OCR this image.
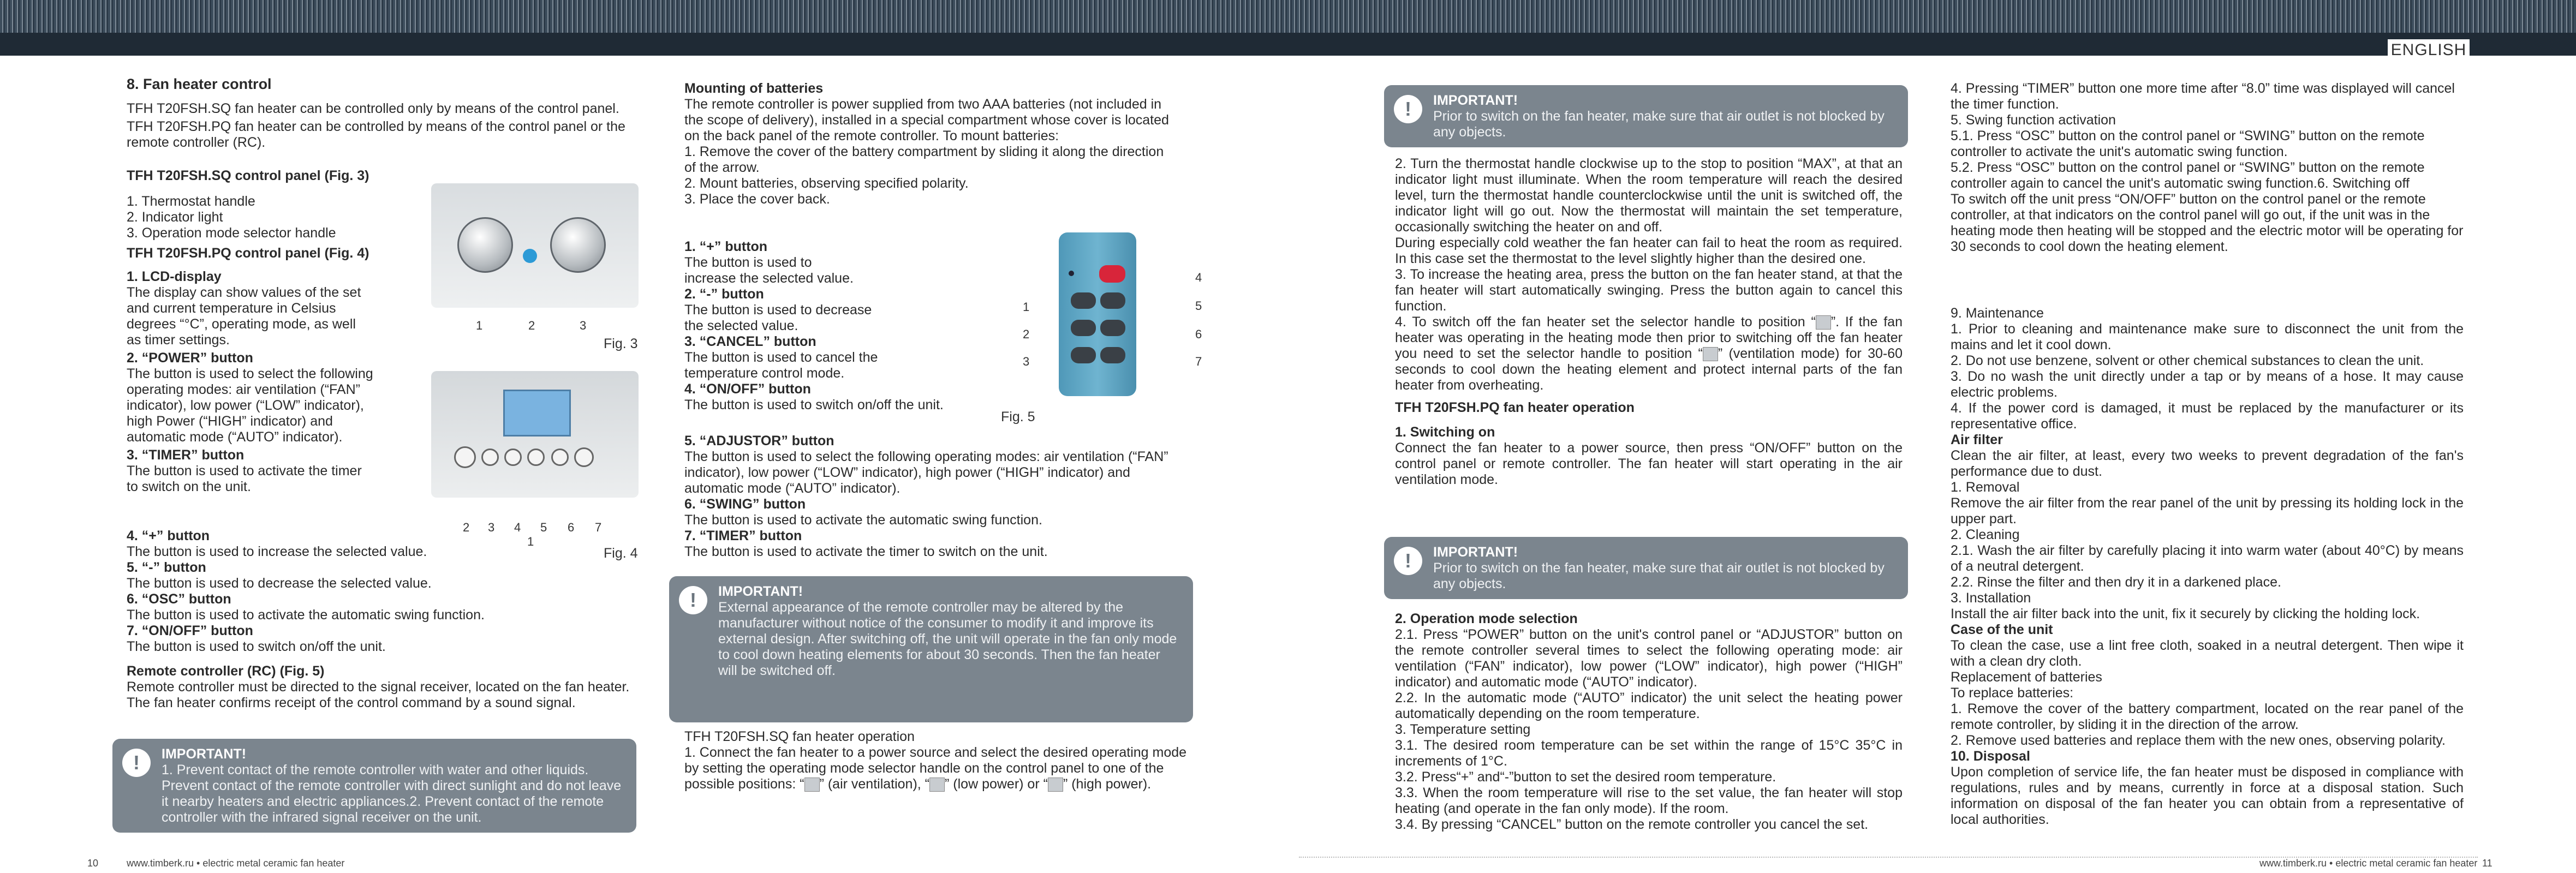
ENGLISH

8. Fan heater control

TFH T20FSH.SQ fan heater can be controlled only by means of the control panel.

TFH T20FSH.PQ fan heater can be controlled by means of the control panel or the remote controller (RC).

TFH T20FSH.SQ control panel (Fig. 3)

1. Thermostat handle

2. Indicator light

3. Operation mode selector handle

TFH T20FSH.PQ control panel (Fig. 4)

1. LCD-display

The display can show values of the set and current temperature in Celsius degrees “°C”, operating mode, as well as timer settings.

2. “POWER” button

The button is used to select the following operating modes: air ventilation (“FAN” indicator), low power (“LOW” indicator), high Power (“HIGH” indicator) and automatic mode (“AUTO” indicator).

3. “TIMER” button

The button is used to activate the timer to switch on the unit.

4. “+” button

The button is used to increase the selected value.

5. “-” button

The button is used to decrease the selected value.

6. “OSC” button

The button is used to activate the automatic swing function.

7. “ON/OFF” button

The button is used to switch on/off the unit.

Remote controller (RC) (Fig. 5)

Remote controller must be directed to the signal receiver, located on the fan heater. The fan heater confirms receipt of the control command by a sound signal.

1	2	3
Fig. 3
2 3 4 5 6 7
1
Fig. 4
!	IMPORTANT!
1. Prevent contact of the remote controller with water and other liquids. Prevent contact of the remote controller with direct sunlight and do not leave it nearby heaters and electric appliances.2. Prevent contact of the remote controller with the infrared signal receiver on the unit.

Mounting of batteries

The remote controller is power supplied from two AAA batteries (not included in the scope of delivery), installed in a special compartment whose cover is located on the back panel of the remote controller. To mount batteries:

1. Remove the cover of the battery compartment by sliding it along the direction of the arrow.

2. Mount batteries, observing specified polarity.

3. Place the cover back.

1. “+” button

The button is used to increase the selected value.

2. “-” button

The button is used to decrease the selected value.

3. “CANCEL” button

The button is used to cancel the temperature control mode.

4. “ON/OFF” button

The button is used to switch on/off the unit.

5. “ADJUSTOR” button

The button is used to select the following operating modes: air ventilation (“FAN” indicator), low power (“LOW” indicator), high power (“HIGH” indicator) and automatic mode (“AUTO” indicator).

6. “SWING” button

The button is used to activate the automatic swing function.

7. “TIMER” button

The button is used to activate the timer to switch on the unit.

1
2
3
4
5
6
7
Fig. 5
!	IMPORTANT!
External appearance of the remote controller may be altered by the manufacturer without notice of the consumer to modify it and improve its external design. After switching off, the unit will operate in the fan only mode to cool down heating elements for about 30 seconds. Then the fan heater will be switched off.

TFH T20FSH.SQ fan heater operation

1. Connect the fan heater to a power source and select the desired operating mode by setting the operating mode selector handle on the control panel to one of the possible positions: “ ” (air ventilation), “ ” (low power) or “ ” (high power).

!	IMPORTANT!
Prior to switch on the fan heater, make sure that air outlet is not blocked by any objects.

2. Turn the thermostat handle clockwise up to the stop to position “MAX”, at that an indicator light must illuminate. When the room temperature will reach the desired level, turn the thermostat handle counterclockwise until the unit is switched off, the indicator light will go out. Now the thermostat will maintain the set temperature, occasionally switching the heater on and off.

During especially cold weather the fan heater can fail to heat the room as required. In this case set the thermostat to the level slightly higher than the desired one.

3. To increase the heating area, press the button on the fan heater stand, at that the fan heater will start automatically swinging. Press the button again to cancel this function.

4. To switch off the fan heater set the selector handle to position “ ”. If the fan heater was operating in the heating mode then prior to switching off the fan heater you need to set the selector handle to position “ ” (ventilation mode) for 30-60 seconds to cool down the heating element and protect internal parts of the fan heater from overheating.

TFH T20FSH.PQ fan heater operation

1. Switching on

Connect the fan heater to a power source, then press “ON/OFF” button on the control panel or remote controller. The fan heater will start operating in the air ventilation mode.

!	IMPORTANT!
Prior to switch on the fan heater, make sure that air outlet is not blocked by any objects.

2. Operation mode selection

2.1. Press “POWER” button on the unit's control panel or “ADJUSTOR” button on the remote controller several times to select the following operating mode: air ventilation (“FAN” indicator), low power (“LOW” indicator), high power (“HIGH” indicator) and automatic mode (“AUTO” indicator).

2.2. In the automatic mode (“AUTO” indicator) the unit select the heating power automatically depending on the room temperature.

3. Temperature setting

3.1. The desired room temperature can be set within the range of 15°C 35°C in increments of 1°C.

3.2. Press“+” and“-”button to set the desired room temperature.

3.3. When the room temperature will rise to the set value, the fan heater will stop heating (and operate in the fan only mode). If the room.

3.4. By pressing “CANCEL” button on the remote controller you cancel the set.

4. Pressing “TIMER” button one more time after “8.0” time was displayed will cancel the timer function.

5. Swing function activation

5.1. Press “OSC” button on the control panel or “SWING” button on the remote controller to activate the unit's automatic swing function.

5.2. Press “OSC” button on the control panel or “SWING” button on the remote controller again to cancel the unit's automatic swing function.6. Switching off

To switch off the unit press “ON/OFF” button on the control panel or the remote controller, at that indicators on the control panel will go out, if the unit was in the heating mode then heating will be stopped and the electric motor will be operating for 30 seconds to cool down the heating element.

9. Maintenance

1. Prior to cleaning and maintenance make sure to disconnect the unit from the mains and let it cool down.

2. Do not use benzene, solvent or other chemical substances to clean the unit.

3. Do no wash the unit directly under a tap or by means of a hose. It may cause electric problems.

4. If the power cord is damaged, it must be replaced by the manufacturer or its representative office.

Air filter

Clean the air filter, at least, every two weeks to prevent degradation of the fan's performance due to dust.

1. Removal

Remove the air filter from the rear panel of the unit by pressing its holding lock in the upper part.

2. Cleaning

2.1. Wash the air filter by carefully placing it into warm water (about 40°C) by means of a neutral detergent.

2.2. Rinse the filter and then dry it in a darkened place.

3. Installation

Install the air filter back into the unit, fix it securely by clicking the holding lock.

Case of the unit

To clean the case, use a lint free cloth, soaked in a neutral detergent. Then wipe it with a clean dry cloth.

Replacement of batteries

To replace batteries:

1. Remove the cover of the battery compartment, located on the rear panel of the remote controller, by sliding it in the direction of the arrow.

2. Remove used batteries and replace them with the new ones, observing polarity.

10. Disposal

Upon completion of service life, the fan heater must be disposed in compliance with regulations, rules and by means, currently in force at a disposal station. Such information on disposal of the fan heater you can obtain from a representative of local authorities.

10	www.timberk.ru • electric metal ceramic fan heater	www.timberk.ru • electric metal ceramic fan heater 11
